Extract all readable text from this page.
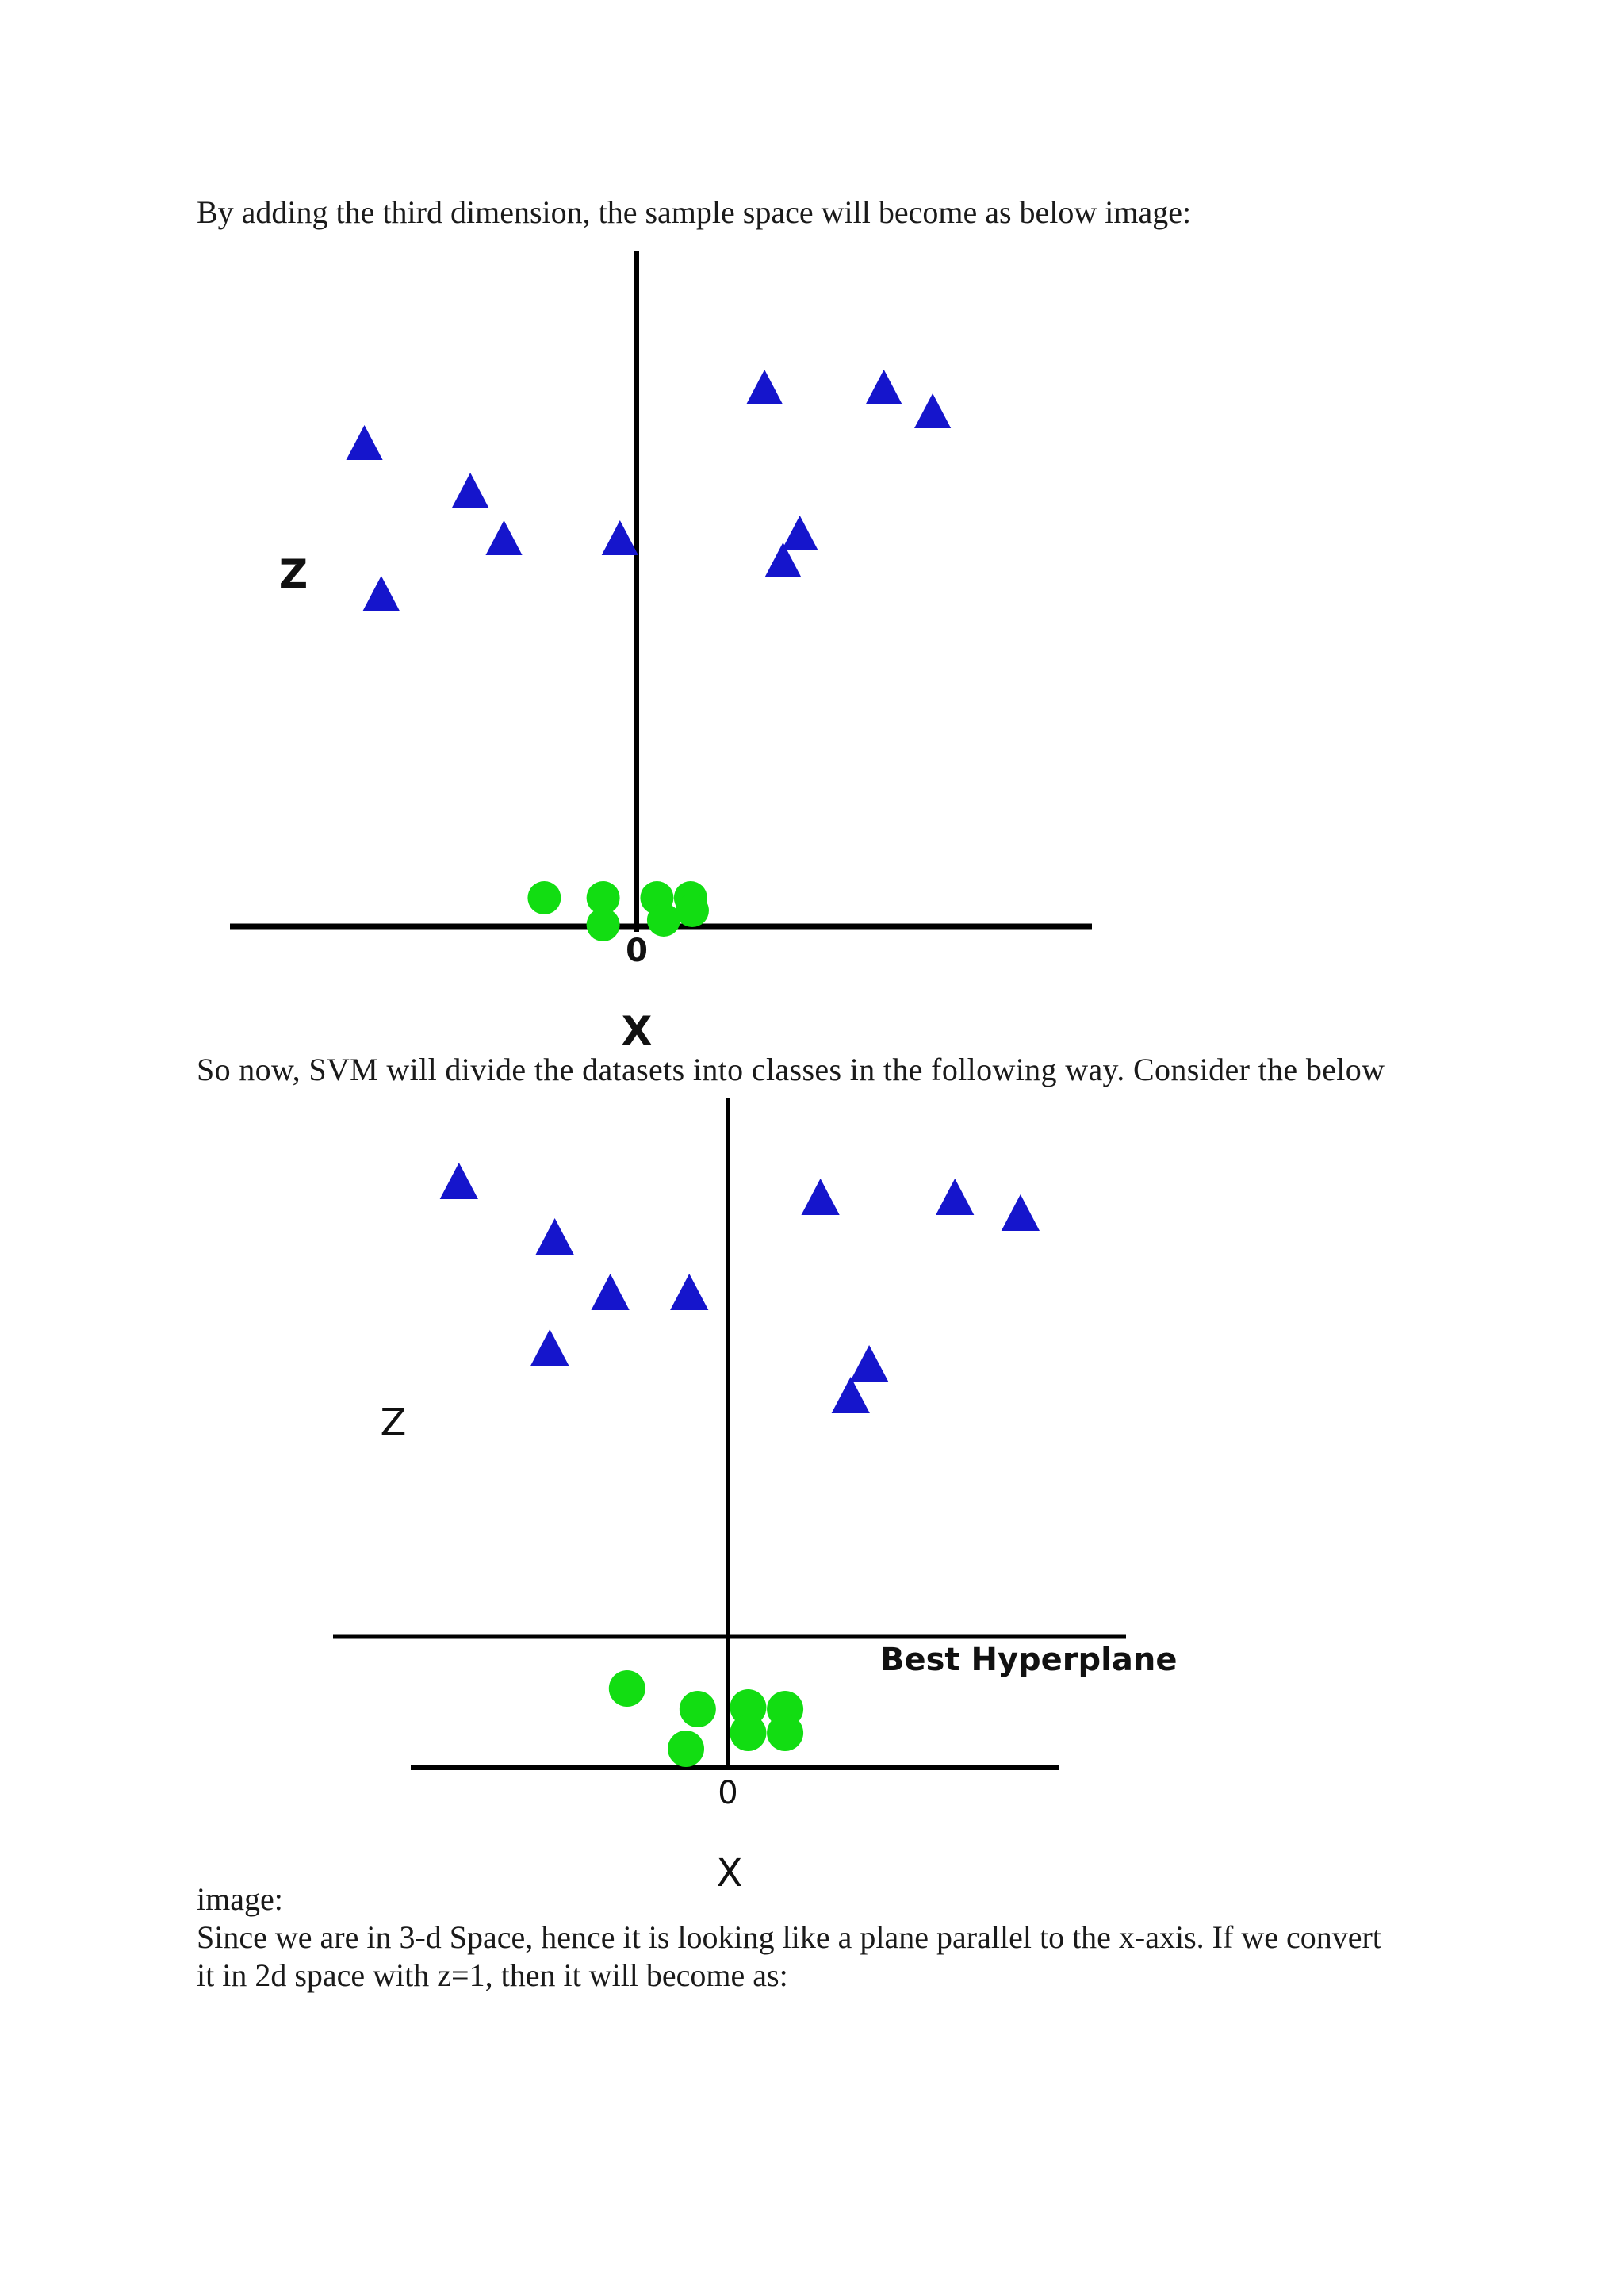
By adding the third dimension, the sample space will become as below image:

0
X
Z

So now, SVM will divide the datasets into classes in the following way. Consider the below

0
X
Z
Best Hyperplane

image:

Since we are in 3-d Space, hence it is looking like a plane parallel to the x-axis. If we convert

it in 2d space with z=1, then it will become as:
